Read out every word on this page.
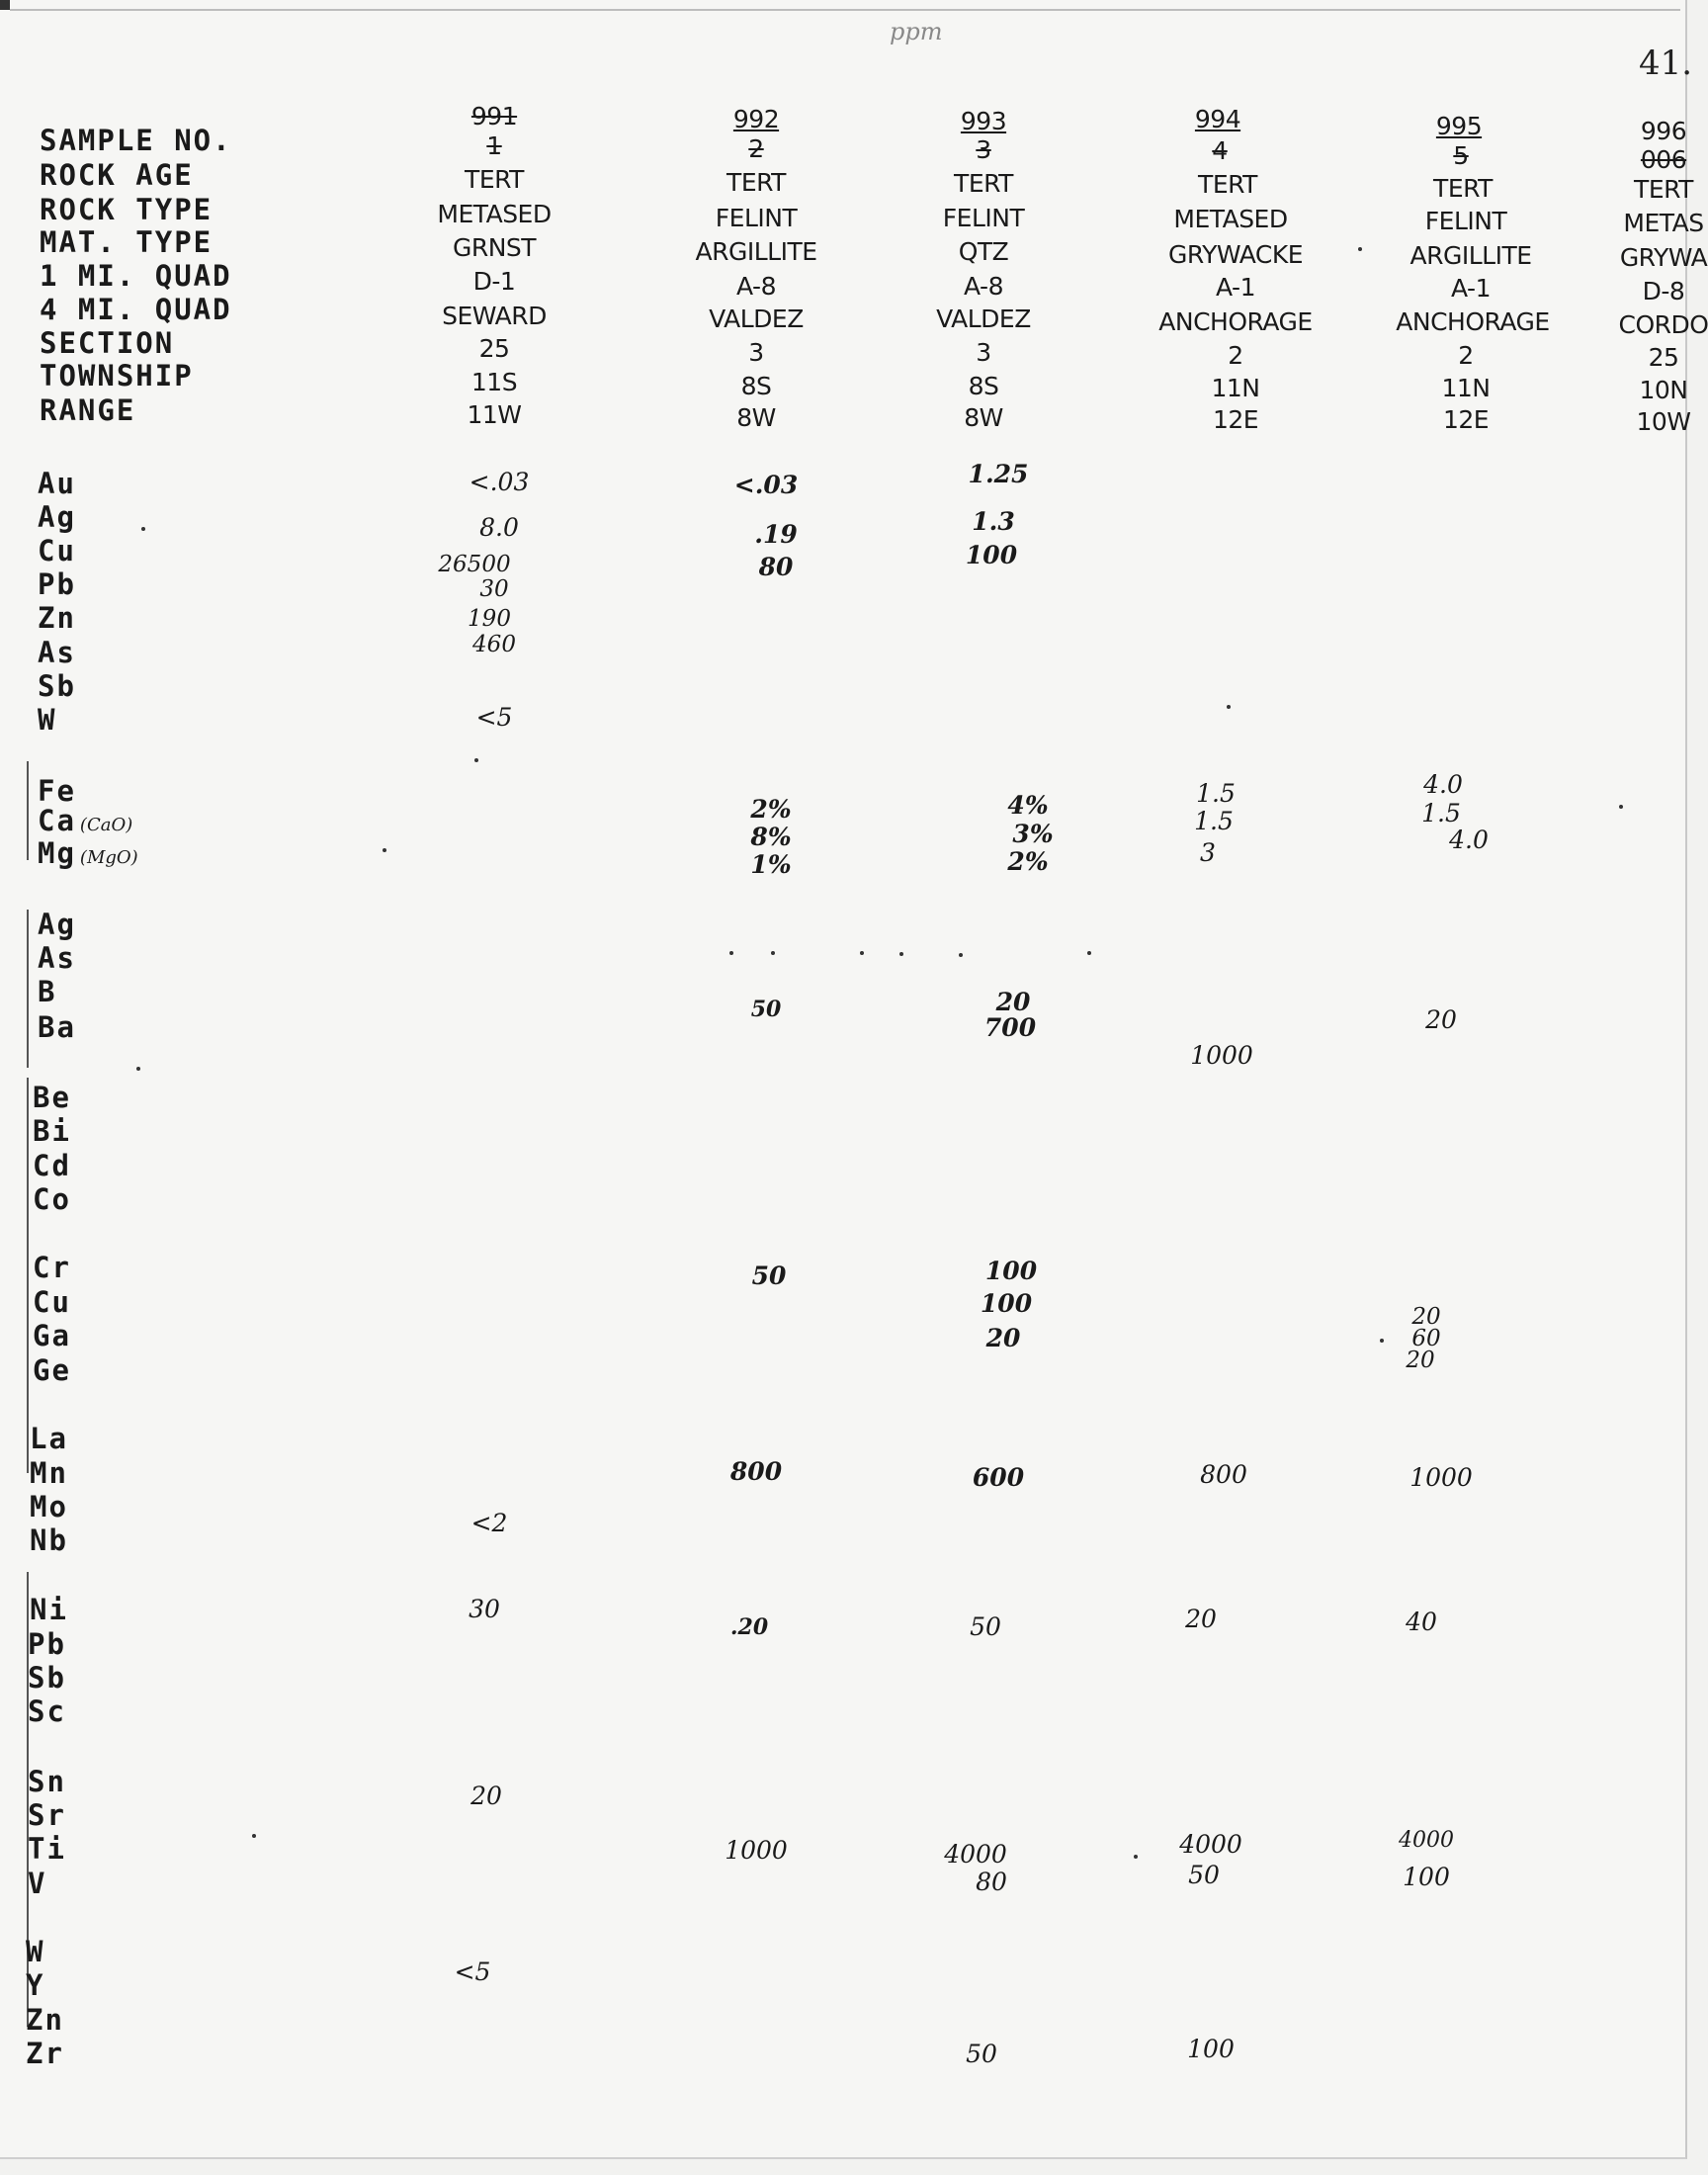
ppm
41.
SAMPLE NO.
ROCK AGE
ROCK TYPE
MAT. TYPE
1 MI. QUAD
4 MI. QUAD
SECTION
TOWNSHIP
RANGE
991
1
TERT
METASED
GRNST
D-1
SEWARD
25
11S
11W
992
2
TERT
FELINT
ARGILLITE
A-8
VALDEZ
3
8S
8W
993
3
TERT
FELINT
QTZ
A-8
VALDEZ
3
8S
8W
994
4
TERT
METASED
GRYWACKE
A-1
ANCHORAGE
2
11N
12E
995
5
TERT
FELINT
ARGILLITE
A-1
ANCHORAGE
2
11N
12E
996
006
TERT
METAS
GRYWA
D-8
CORDO
25
10N
10W
Au
Ag
Cu
Pb
Zn
As
Sb
W
Fe
Ca (CaO)
Mg (MgO)
Ag
As
B
Ba
Be
Bi
Cd
Co
Cr
Cu
Ga
Ge
La
Mn
Mo
Nb
Ni
Pb
Sb
Sc
Sn
Sr
Ti
V
W
Y
Zn
Zr
<.03
8.0
26500
30
190
460
<5
<2
30
20
<5
<.03
.19
80
2%
8%
1%
50
50
800
.20
1000
1.25
1.3
100
4%
3%
2%
20
700
100
100
20
600
50
4000
80
50
1.5
1.5
3
1000
800
20
4000
50
100
4.0
1.5
4.0
20
20
60
20
1000
40
4000
100
